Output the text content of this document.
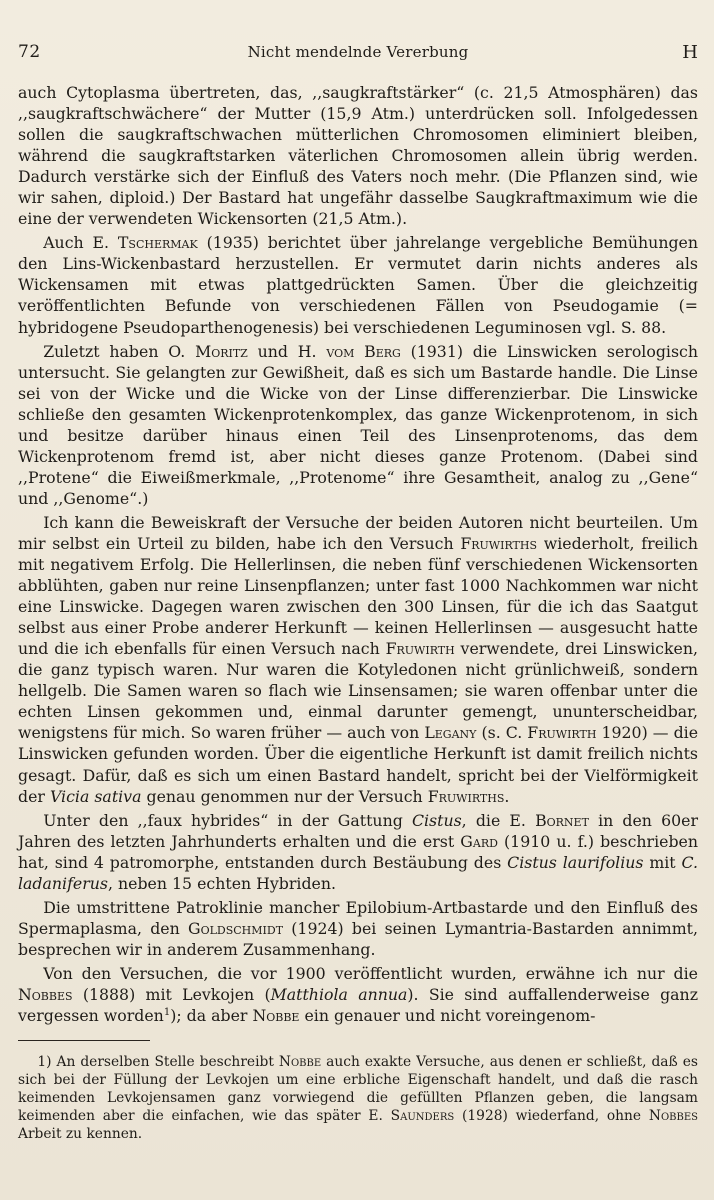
72	Nicht mendelnde Vererbung	H

auch Cytoplasma übertreten, das, ,,saugkraftstärker“ (c. 21,5 Atmosphären) das ,,saugkraftschwächere“ der Mutter (15,9 Atm.) unterdrücken soll. Infolgedessen sollen die saugkraftschwachen mütterlichen Chromosomen eliminiert bleiben, während die saugkraftstarken väterlichen Chromosomen allein übrig werden. Dadurch verstärke sich der Einfluß des Vaters noch mehr. (Die Pflanzen sind, wie wir sahen, diploid.) Der Bastard hat ungefähr dasselbe Saugkraftmaximum wie die eine der verwendeten Wickensorten (21,5 Atm.).

Auch E. Tschermak (1935) berichtet über jahrelange vergebliche Bemühungen den Lins-Wickenbastard herzustellen. Er vermutet darin nichts anderes als Wickensamen mit etwas plattgedrückten Samen. Über die gleichzeitig veröffentlichten Befunde von verschiedenen Fällen von Pseudogamie (= hybridogene Pseudoparthenogenesis) bei verschiedenen Leguminosen vgl. S. 88.

Zuletzt haben O. Moritz und H. vom Berg (1931) die Linswicken serologisch untersucht. Sie gelangten zur Gewißheit, daß es sich um Bastarde handle. Die Linse sei von der Wicke und die Wicke von der Linse differenzierbar. Die Linswicke schließe den gesamten Wickenprotenkomplex, das ganze Wickenprotenom, in sich und besitze darüber hinaus einen Teil des Linsenprotenoms, das dem Wickenprotenom fremd ist, aber nicht dieses ganze Protenom. (Dabei sind ,,Protene“ die Eiweißmerkmale, ,,Protenome“ ihre Gesamtheit, analog zu ,,Gene“ und ,,Genome“.)

Ich kann die Beweiskraft der Versuche der beiden Autoren nicht beurteilen. Um mir selbst ein Urteil zu bilden, habe ich den Versuch Fruwirths wiederholt, freilich mit negativem Erfolg. Die Hellerlinsen, die neben fünf verschiedenen Wickensorten abblühten, gaben nur reine Linsenpflanzen; unter fast 1000 Nachkommen war nicht eine Linswicke. Dagegen waren zwischen den 300 Linsen, für die ich das Saatgut selbst aus einer Probe anderer Herkunft — keinen Hellerlinsen — ausgesucht hatte und die ich ebenfalls für einen Versuch nach Fruwirth verwendete, drei Linswicken, die ganz typisch waren. Nur waren die Kotyledonen nicht grünlichweiß, sondern hellgelb. Die Samen waren so flach wie Linsensamen; sie waren offenbar unter die echten Linsen gekommen und, einmal darunter gemengt, ununterscheidbar, wenigstens für mich. So waren früher — auch von Legany (s. C. Fruwirth 1920) — die Linswicken gefunden worden. Über die eigentliche Herkunft ist damit freilich nichts gesagt. Dafür, daß es sich um einen Bastard handelt, spricht bei der Vielförmigkeit der Vicia sativa genau genommen nur der Versuch Fruwirths.

Unter den ,,faux hybrides“ in der Gattung Cistus, die E. Bornet in den 60er Jahren des letzten Jahrhunderts erhalten und die erst Gard (1910 u. f.) beschrieben hat, sind 4 patromorphe, entstanden durch Bestäubung des Cistus laurifolius mit C. ladaniferus, neben 15 echten Hybriden.

Die umstrittene Patroklinie mancher Epilobium-Artbastarde und den Einfluß des Spermaplasma, den Goldschmidt (1924) bei seinen Lymantria-Bastarden annimmt, besprechen wir in anderem Zusammenhang.

Von den Versuchen, die vor 1900 veröffentlicht wurden, erwähne ich nur die Nobbes (1888) mit Levkojen (Matthiola annua). Sie sind auffallenderweise ganz vergessen worden$^1$); da aber Nobbe ein genauer und nicht voreingenom-

1) An derselben Stelle beschreibt Nobbe auch exakte Versuche, aus denen er schließt, daß es sich bei der Füllung der Levkojen um eine erbliche Eigenschaft handelt, und daß die rasch keimenden Levkojensamen ganz vorwiegend die gefüllten Pflanzen geben, die langsam keimenden aber die einfachen, wie das später E. Saunders (1928) wiederfand, ohne Nobbes Arbeit zu kennen.
